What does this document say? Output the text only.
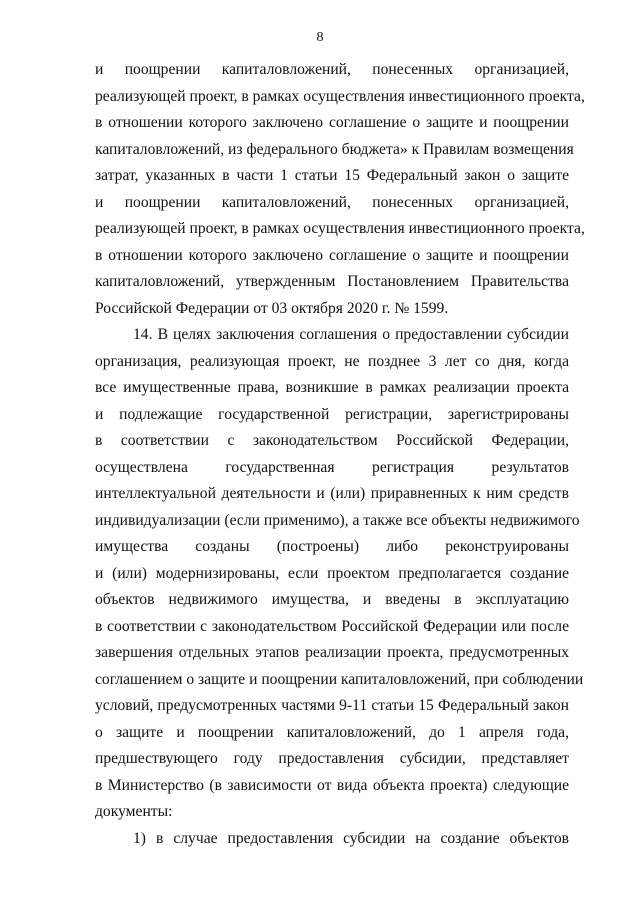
8
и поощрении капиталовложений, понесенных организацией,
реализующей проект, в рамках осуществления инвестиционного проекта,
в отношении которого заключено соглашение о защите и поощрении
капиталовложений, из федерального бюджета» к Правилам возмещения
затрат, указанных в части 1 статьи 15 Федеральный закон о защите
и поощрении капиталовложений, понесенных организацией,
реализующей проект, в рамках осуществления инвестиционного проекта,
в отношении которого заключено соглашение о защите и поощрении
капиталовложений, утвержденным Постановлением Правительства
Российской Федерации от 03 октября 2020 г. № 1599.
14. В целях заключения соглашения о предоставлении субсидии
организация, реализующая проект, не позднее 3 лет со дня, когда
все имущественные права, возникшие в рамках реализации проекта
и подлежащие государственной регистрации, зарегистрированы
в соответствии с законодательством Российской Федерации,
осуществлена государственная регистрация результатов
интеллектуальной деятельности и (или) приравненных к ним средств
индивидуализации (если применимо), а также все объекты недвижимого
имущества созданы (построены) либо реконструированы
и (или) модернизированы, если проектом предполагается создание
объектов недвижимого имущества, и введены в эксплуатацию
в соответствии с законодательством Российской Федерации или после
завершения отдельных этапов реализации проекта, предусмотренных
соглашением о защите и поощрении капиталовложений, при соблюдении
условий, предусмотренных частями 9-11 статьи 15 Федеральный закон
о защите и поощрении капиталовложений, до 1 апреля года,
предшествующего году предоставления субсидии, представляет
в Министерство (в зависимости от вида объекта проекта) следующие
документы:
1) в случае предоставления субсидии на создание объектов
